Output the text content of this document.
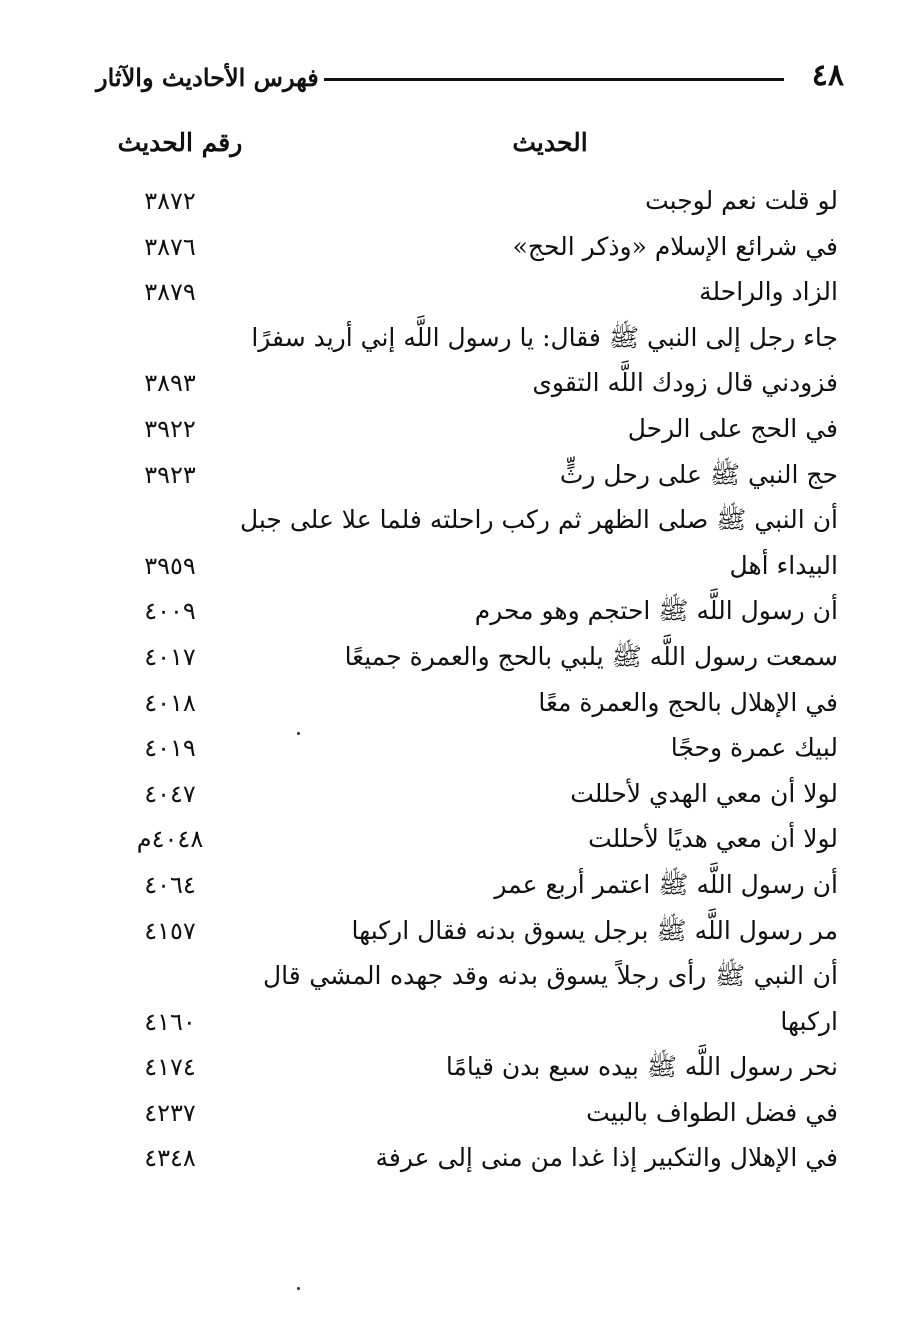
٤٨
فهرس الأحاديث والآثار
الحديث
رقم الحديث
لو قلت نعم لوجبت
٣٨٧٢
في شرائع الإسلام «وذكر الحج»
٣٨٧٦
الزاد والراحلة
٣٨٧٩
جاء رجل إلى النبي ﷺ فقال: يا رسول اللَّه إني أريد سفرًا
فزودني قال زودك اللَّه التقوى
٣٨٩٣
في الحج على الرحل
٣٩٢٢
حج النبي ﷺ على رحل رثٍّ
٣٩٢٣
أن النبي ﷺ صلى الظهر ثم ركب راحلته فلما علا على جبل
البيداء أهل
٣٩٥٩
أن رسول اللَّه ﷺ احتجم وهو محرم
٤٠٠٩
سمعت رسول اللَّه ﷺ يلبي بالحج والعمرة جميعًا
٤٠١٧
في الإهلال بالحج والعمرة معًا
٤٠١٨
لبيك عمرة وحجًا
٤٠١٩
لولا أن معي الهدي لأحللت
٤٠٤٧
لولا أن معي هديًا لأحللت
٤٠٤٨م
أن رسول اللَّه ﷺ اعتمر أربع عمر
٤٠٦٤
مر رسول اللَّه ﷺ برجل يسوق بدنه فقال اركبها
٤١٥٧
أن النبي ﷺ رأى رجلاً يسوق بدنه وقد جهده المشي قال
اركبها
٤١٦٠
نحر رسول اللَّه ﷺ بيده سبع بدن قيامًا
٤١٧٤
في فضل الطواف بالبيت
٤٢٣٧
في الإهلال والتكبير إذا غدا من منى إلى عرفة
٤٣٤٨
